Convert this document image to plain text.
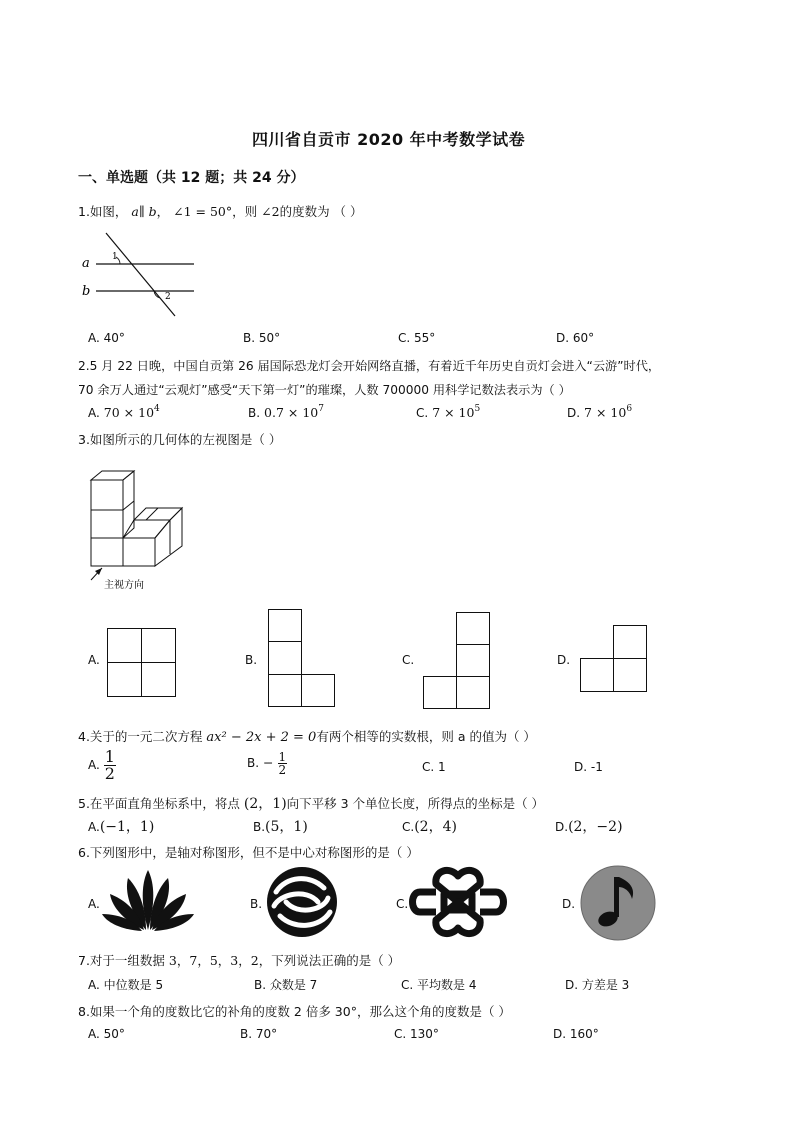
四川省自贡市 2020 年中考数学试卷
一、单选题（共 12 题；共 24 分）
1.如图， a∥ b， ∠1 = 50°，则 ∠2的度数为 （ ）
a
b
1
2
A. 40°	B. 50°	C. 55°	D. 60°
2.5 月 22 日晚，中国自贡第 26 届国际恐龙灯会开始网络直播，有着近千年历史自贡灯会进入“云游”时代，
70 余万人通过“云观灯”感受“天下第一灯”的璀璨，人数 700000 用科学记数法表示为（ ）
A. $70 \times 10^4$	B. $0.7 \times 10^7$	C. $7 \times 10^5$	D. $7 \times 10^6$
3.如图所示的几何体的左视图是（ ）
主视方向
A.	B.	C.	D.
4.关于的一元二次方程 ax² − 2x + 2 = 0有两个相等的实数根，则 a 的值为（ ）
A. $\frac{1}{2}$	B. − $\frac{1}{2}$	C. 1	D. -1
5.在平面直角坐标系中，将点 (2，1)向下平移 3 个单位长度，所得点的坐标是（ ）
A.(−1，1)	B.(5，1)	C.(2，4)	D.(2，−2)
6.下列图形中，是轴对称图形，但不是中心对称图形的是（ ）
A.	B.	C.	D.
7.对于一组数据 3，7，5，3，2，下列说法正确的是（ ）
A. 中位数是 5	B. 众数是 7	C. 平均数是 4	D. 方差是 3
8.如果一个角的度数比它的补角的度数 2 倍多 30°，那么这个角的度数是（ ）
A. 50°	B. 70°	C. 130°	D. 160°
